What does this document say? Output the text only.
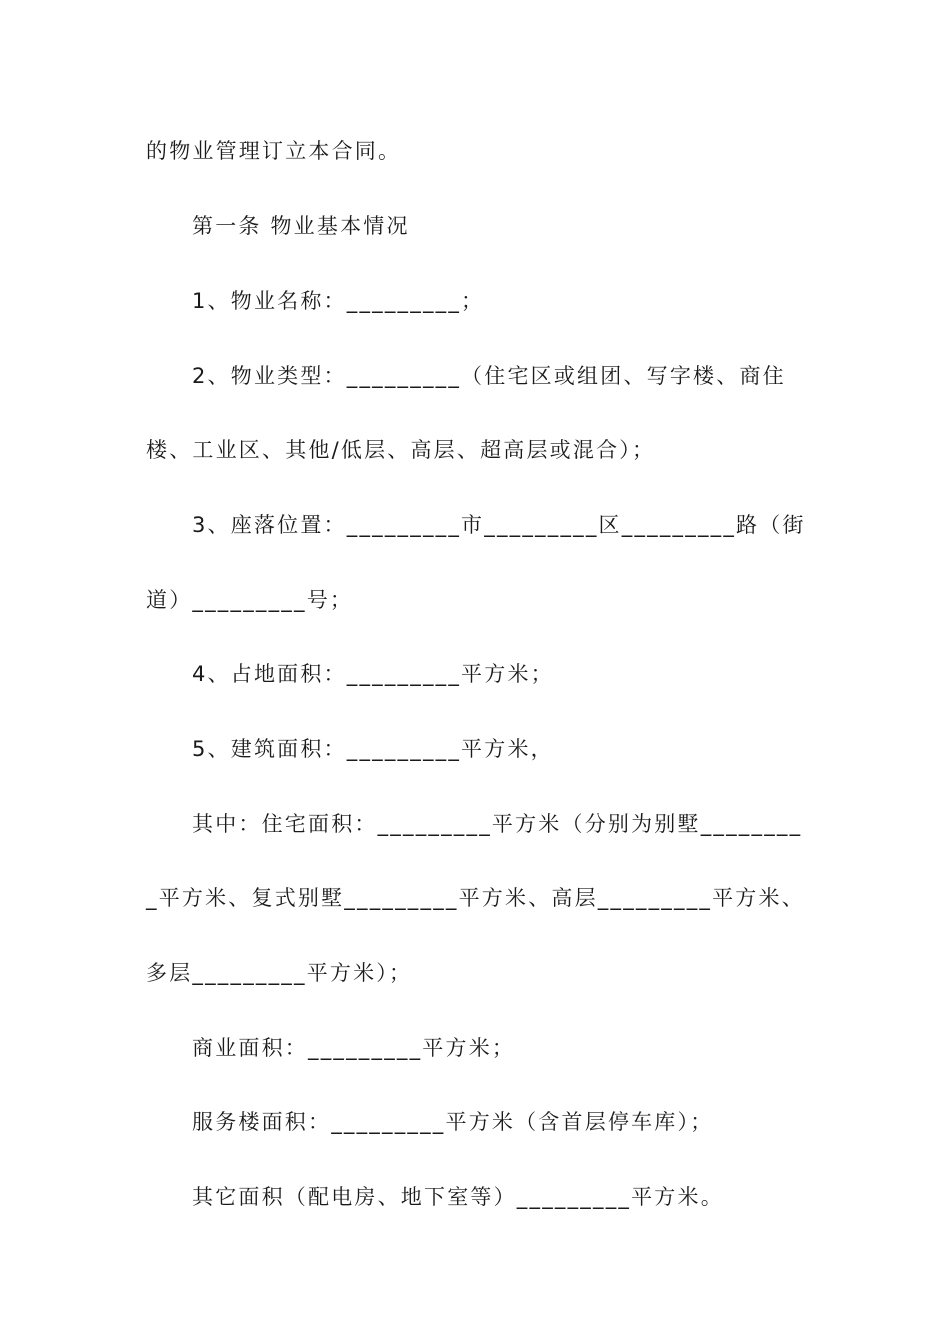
的物业管理订立本合同。
第一条 物业基本情况
1、物业名称：_________；
2、物业类型：_________（住宅区或组团、写字楼、商住
楼、工业区、其他/低层、高层、超高层或混合）；
3、座落位置：_________市_________区_________路（街
道）_________号；
4、占地面积：_________平方米；
5、建筑面积：_________平方米，
其中：住宅面积：_________平方米（分别为别墅________
_平方米、复式别墅_________平方米、高层_________平方米、
多层_________平方米）；
商业面积：_________平方米；
服务楼面积：_________平方米（含首层停车库）；
其它面积（配电房、地下室等）_________平方米。
